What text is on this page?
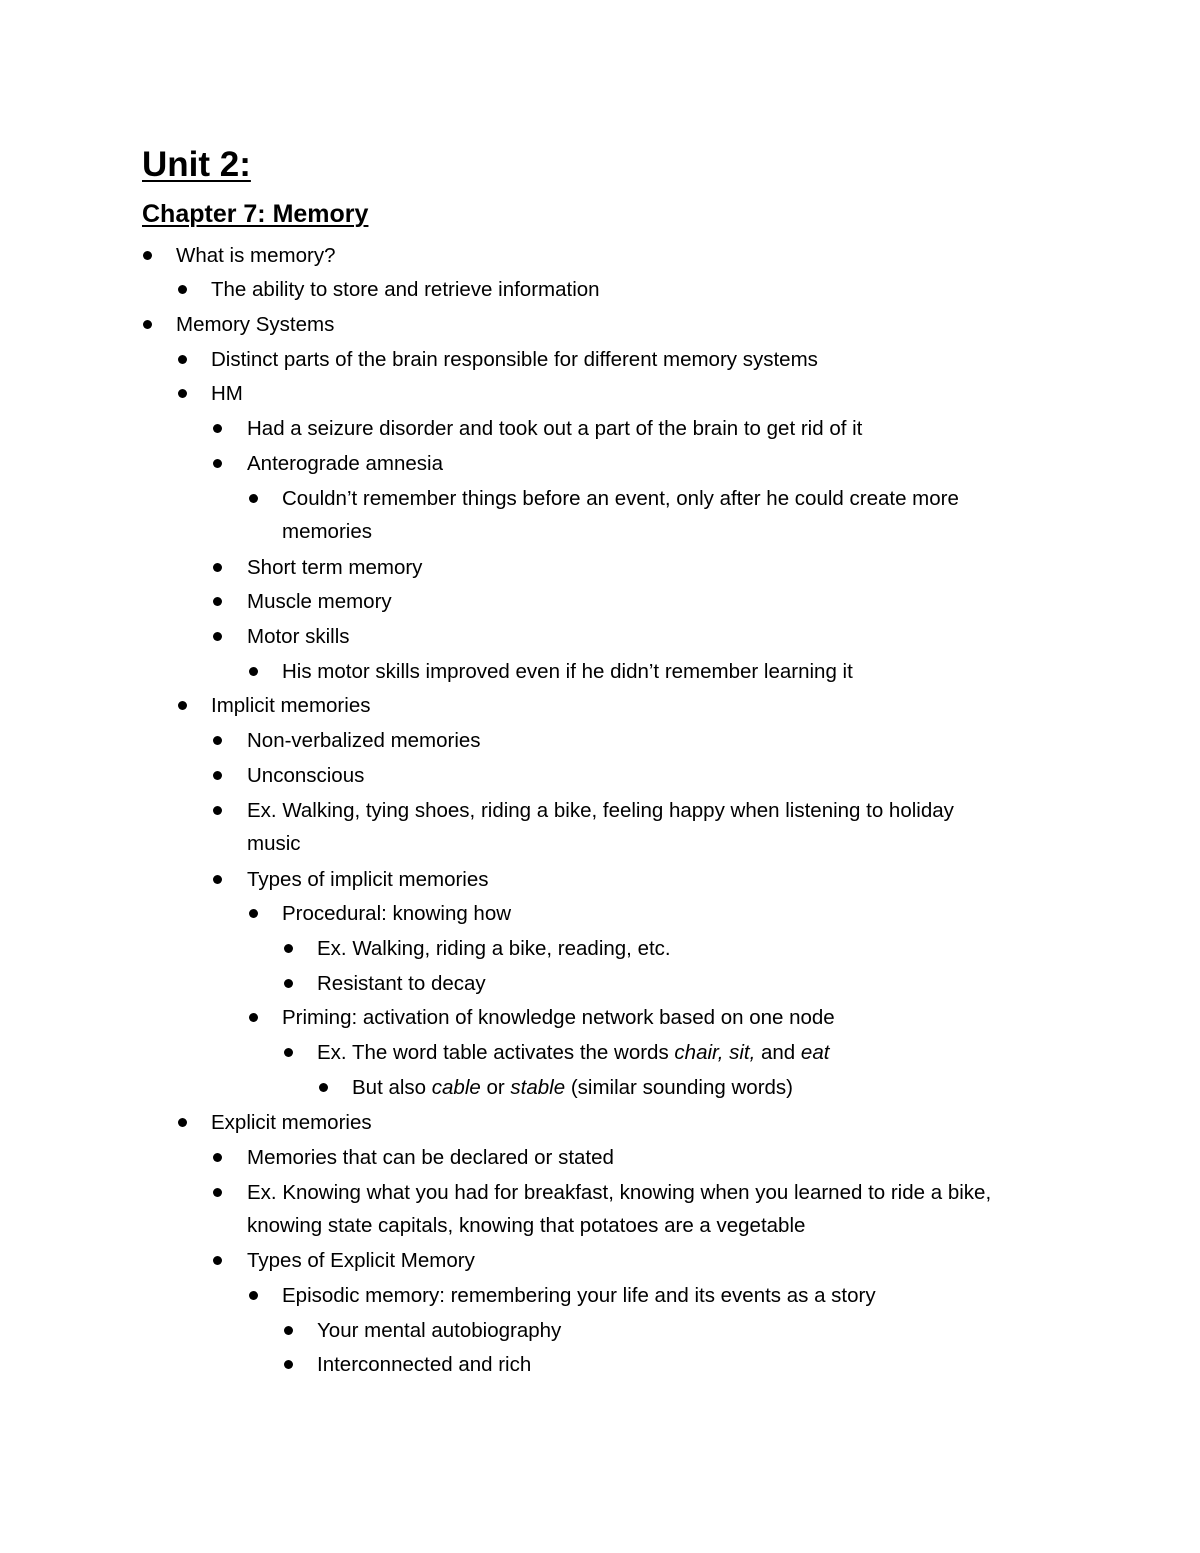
Unit 2:
Chapter 7: Memory
What is memory?
The ability to store and retrieve information
Memory Systems
Distinct parts of the brain responsible for different memory systems
HM
Had a seizure disorder and took out a part of the brain to get rid of it
Anterograde amnesia
Couldn’t remember things before an event, only after he could create more
memories
Short term memory
Muscle memory
Motor skills
His motor skills improved even if he didn’t remember learning it
Implicit memories
Non-verbalized memories
Unconscious
Ex. Walking, tying shoes, riding a bike, feeling happy when listening to holiday
music
Types of implicit memories
Procedural: knowing how
Ex. Walking, riding a bike, reading, etc.
Resistant to decay
Priming: activation of knowledge network based on one node
Ex. The word table activates the words chair, sit, and eat
But also cable or stable (similar sounding words)
Explicit memories
Memories that can be declared or stated
Ex. Knowing what you had for breakfast, knowing when you learned to ride a bike,
knowing state capitals, knowing that potatoes are a vegetable
Types of Explicit Memory
Episodic memory: remembering your life and its events as a story
Your mental autobiography
Interconnected and rich
